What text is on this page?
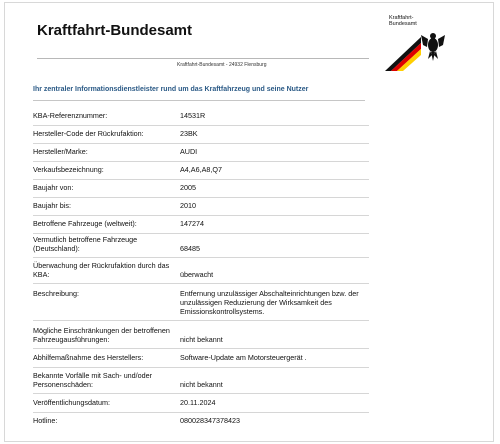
Kraftfahrt-Bundesamt
Kraftfahrt-Bundesamt - 24932 Flensburg
Kraftfahrt-
Bundesamt
Ihr zentraler Informationsdienstleister rund um das Kraftfahrzeug und seine Nutzer
KBA-Referenznummer:	14531R
Hersteller-Code der Rückrufaktion:	23BK
Hersteller/Marke:	AUDI
Verkaufsbezeichnung:	A4,A6,A8,Q7
Baujahr von:	2005
Baujahr bis:	2010
Betroffene Fahrzeuge (weltweit):	147274
Vermutlich betroffene Fahrzeuge (Deutschland):	68485
Überwachung der Rückrufaktion durch das KBA:	überwacht
Beschreibung:	Entfernung unzulässiger Abschalteinrichtungen bzw. der unzulässigen Reduzierung der Wirksamkeit des Emissionskontrollsystems.
Mögliche Einschränkungen der betroffenen Fahrzeugausführungen:	nicht bekannt
Abhilfemaßnahme des Herstellers:	Software-Update am Motorsteuergerät .
Bekannte Vorfälle mit Sach- und/oder Personenschäden:	nicht bekannt
Veröffentlichungsdatum:	20.11.2024
Hotline:	080028347378423
